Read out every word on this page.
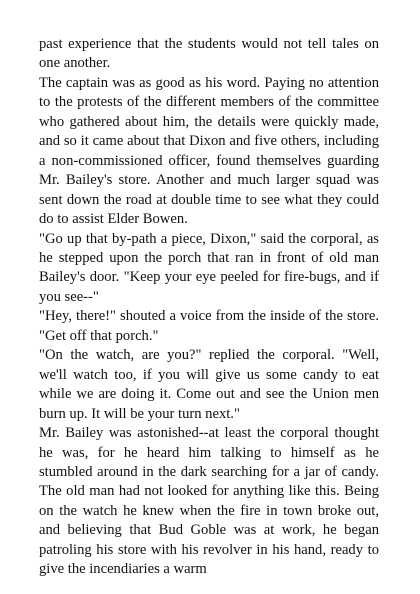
past experience that the students would not tell tales on one another.

The captain was as good as his word. Paying no attention to the protests of the different members of the committee who gathered about him, the details were quickly made, and so it came about that Dixon and five others, including a non-commissioned officer, found themselves guarding Mr. Bailey's store. Another and much larger squad was sent down the road at double time to see what they could do to assist Elder Bowen.

"Go up that by-path a piece, Dixon," said the corporal, as he stepped upon the porch that ran in front of old man Bailey's door. "Keep your eye peeled for fire-bugs, and if you see--"

"Hey, there!" shouted a voice from the inside of the store. "Get off that porch."

"On the watch, are you?" replied the corporal. "Well, we'll watch too, if you will give us some candy to eat while we are doing it. Come out and see the Union men burn up. It will be your turn next."

Mr. Bailey was astonished--at least the corporal thought he was, for he heard him talking to himself as he stumbled around in the dark searching for a jar of candy. The old man had not looked for anything like this. Being on the watch he knew when the fire in town broke out, and believing that Bud Goble was at work, he began patroling his store with his revolver in his hand, ready to give the incendiaries a warm
